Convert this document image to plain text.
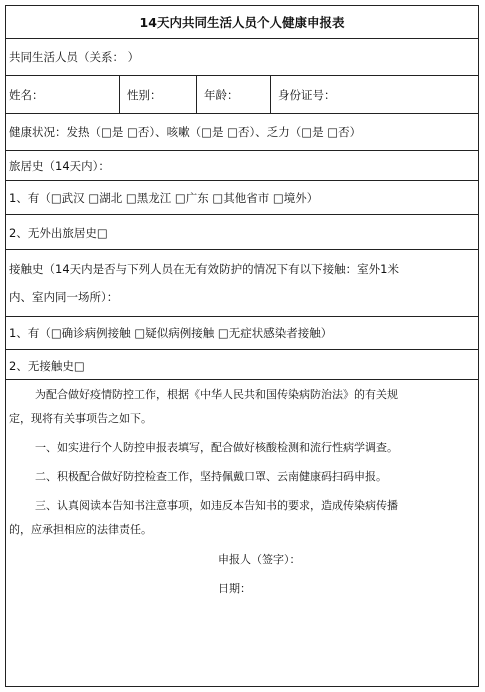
14天内共同生活人员个人健康申报表
共同生活人员（关系： ）
姓名：	性别：	年龄：	身份证号：
健康状况：发热（□是 □否）、咳嗽（□是 □否）、乏力（□是 □否）
旅居史（14天内）：
1、有（□武汉 □湖北 □黑龙江 □广东 □其他省市 □境外）
2、无外出旅居史□
接触史（14天内是否与下列人员在无有效防护的情况下有以下接触：室外1米
内、室内同一场所）：
1、有（□确诊病例接触 □疑似病例接触 □无症状感染者接触）
2、无接触史□
为配合做好疫情防控工作，根据《中华人民共和国传染病防治法》的有关规
定，现将有关事项告之如下。
一、如实进行个人防控申报表填写，配合做好核酸检测和流行性病学调查。
二、积极配合做好防控检查工作，坚持佩戴口罩、云南健康码扫码申报。
三、认真阅读本告知书注意事项，如违反本告知书的要求，造成传染病传播
的，应承担相应的法律责任。
申报人（签字）：
日期：
